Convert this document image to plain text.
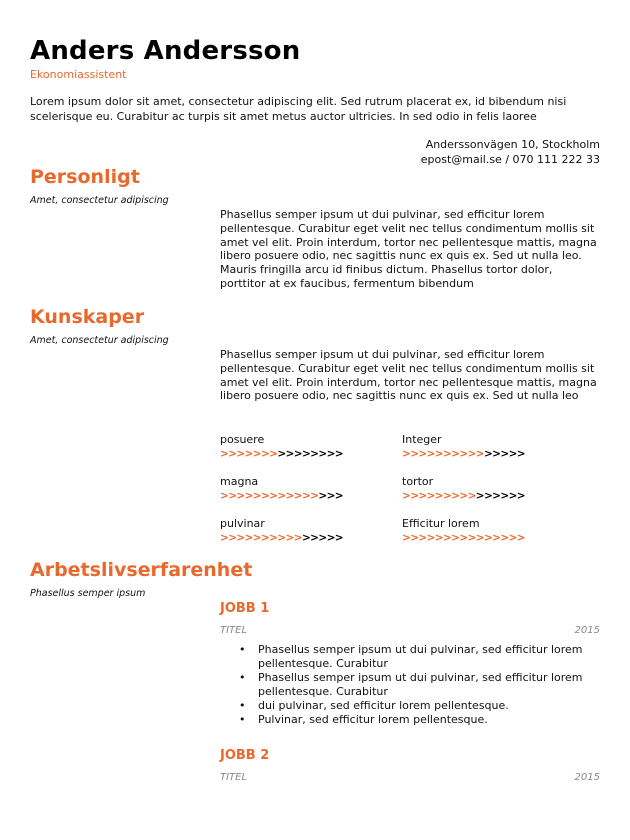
Anders Andersson
Ekonomiassistent
Lorem ipsum dolor sit amet, consectetur adipiscing elit. Sed rutrum placerat ex, id bibendum nisi scelerisque eu. Curabitur ac turpis sit amet metus auctor ultricies. In sed odio in felis laoree
Anderssonvägen 10, Stockholm
epost@mail.se / 070 111 222 33
Personligt
Amet, consectetur adipiscing
Phasellus semper ipsum ut dui pulvinar, sed efficitur lorem pellentesque. Curabitur eget velit nec tellus condimentum mollis sit amet vel elit. Proin interdum, tortor nec pellentesque mattis, magna libero posuere odio, nec sagittis nunc ex quis ex. Sed ut nulla leo. Mauris fringilla arcu id finibus dictum. Phasellus tortor dolor, porttitor at ex faucibus, fermentum bibendum
Kunskaper
Amet, consectetur adipiscing
Phasellus semper ipsum ut dui pulvinar, sed efficitur lorem pellentesque. Curabitur eget velit nec tellus condimentum mollis sit amet vel elit. Proin interdum, tortor nec pellentesque mattis, magna libero posuere odio, nec sagittis nunc ex quis ex. Sed ut nulla leo
posuere
>>>>>>>>>>>>>>>
Integer
>>>>>>>>>>>>>>>
magna
>>>>>>>>>>>>>>>
tortor
>>>>>>>>>>>>>>>
pulvinar
>>>>>>>>>>>>>>>
Efficitur lorem
>>>>>>>>>>>>>>>
Arbetslivserfarenhet
Phasellus semper ipsum
JOBB 1
TITEL	2015
• Phasellus semper ipsum ut dui pulvinar, sed efficitur lorem pellentesque. Curabitur
• Phasellus semper ipsum ut dui pulvinar, sed efficitur lorem pellentesque. Curabitur
• dui pulvinar, sed efficitur lorem pellentesque.
• Pulvinar, sed efficitur lorem pellentesque.
JOBB 2
TITEL	2015
